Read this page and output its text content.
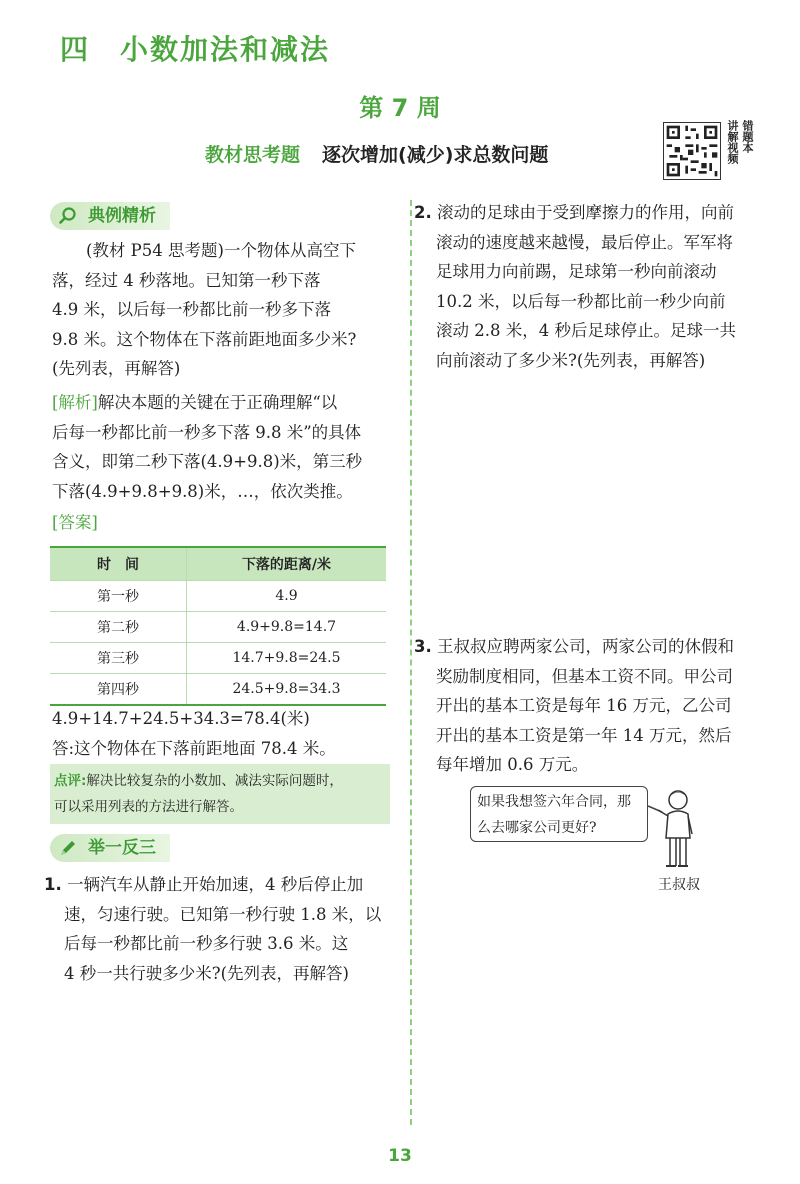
四 小数加法和减法
第 7 周
教材思考题 逐次增加(减少)求总数问题
错题本
讲解视频
典例精析
(教材 P54 思考题)一个物体从高空下
落，经过 4 秒落地。已知第一秒下落
4.9 米，以后每一秒都比前一秒多下落
9.8 米。这个物体在下落前距地面多少米?
(先列表，再解答)
[解析]解决本题的关键在于正确理解“以
后每一秒都比前一秒多下落 9.8 米”的具体
含义，即第二秒下落(4.9+9.8)米，第三秒
下落(4.9+9.8+9.8)米，…，依次类推。
[答案]
时　间	下落的距离/米
第一秒	4.9
第二秒	4.9+9.8=14.7
第三秒	14.7+9.8=24.5
第四秒	24.5+9.8=34.3
4.9+14.7+24.5+34.3=78.4(米)
答:这个物体在下落前距地面 78.4 米。
点评:解决比较复杂的小数加、减法实际问题时，
可以采用列表的方法进行解答。
举一反三
1. 一辆汽车从静止开始加速，4 秒后停止加
速，匀速行驶。已知第一秒行驶 1.8 米，以
后每一秒都比前一秒多行驶 3.6 米。这
4 秒一共行驶多少米?(先列表，再解答)
2. 滚动的足球由于受到摩擦力的作用，向前
滚动的速度越来越慢，最后停止。军军将
足球用力向前踢，足球第一秒向前滚动
10.2 米，以后每一秒都比前一秒少向前
滚动 2.8 米，4 秒后足球停止。足球一共
向前滚动了多少米?(先列表，再解答)
3. 王叔叔应聘两家公司，两家公司的休假和
奖励制度相同，但基本工资不同。甲公司
开出的基本工资是每年 16 万元，乙公司
开出的基本工资是第一年 14 万元，然后
每年增加 0.6 万元。
如果我想签六年合同，那
么去哪家公司更好?
王叔叔
13
